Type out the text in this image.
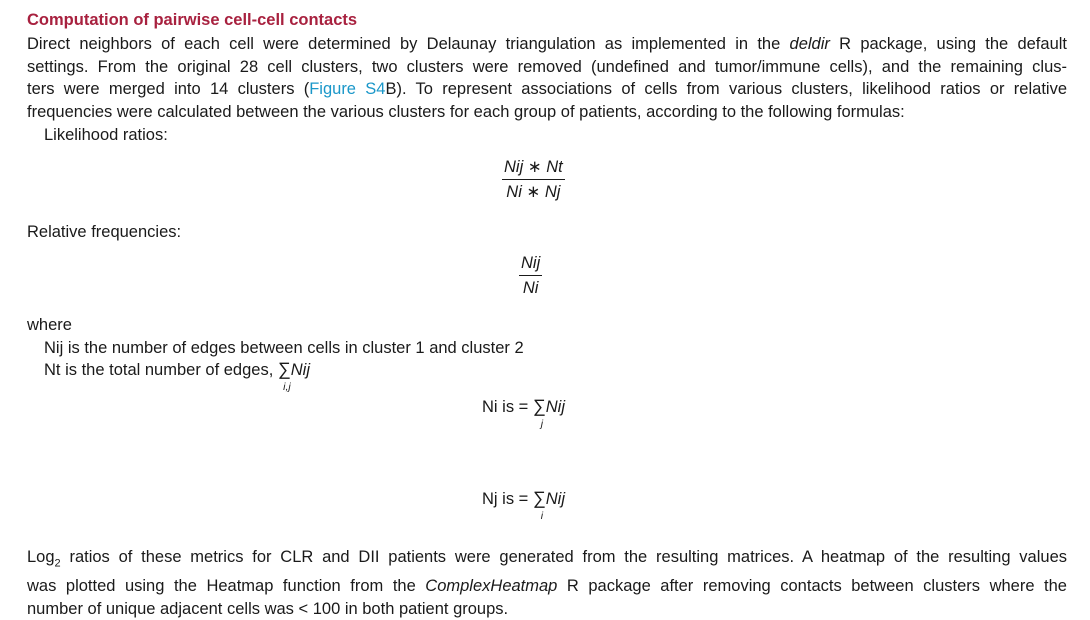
Computation of pairwise cell-cell contacts
Direct neighbors of each cell were determined by Delaunay triangulation as implemented in the deldir R package, using the default
settings. From the original 28 cell clusters, two clusters were removed (undefined and tumor/immune cells), and the remaining clus-
ters were merged into 14 clusters (Figure S4B). To represent associations of cells from various clusters, likelihood ratios or relative
frequencies were calculated between the various clusters for each group of patients, according to the following formulas:
Likelihood ratios:
Nij ∗ Nt
Ni ∗ Nj
Relative frequencies:
Nij
Ni
where
Nij is the number of edges between cells in cluster 1 and cluster 2
Nt is the total number of edges, ∑Nij
i,j
Ni is = ∑Nij
j
Nj is = ∑Nij
i
Log$_2$ ratios of these metrics for CLR and DII patients were generated from the resulting matrices. A heatmap of the resulting values
was plotted using the Heatmap function from the ComplexHeatmap R package after removing contacts between clusters where the
number of unique adjacent cells was < 100 in both patient groups.
